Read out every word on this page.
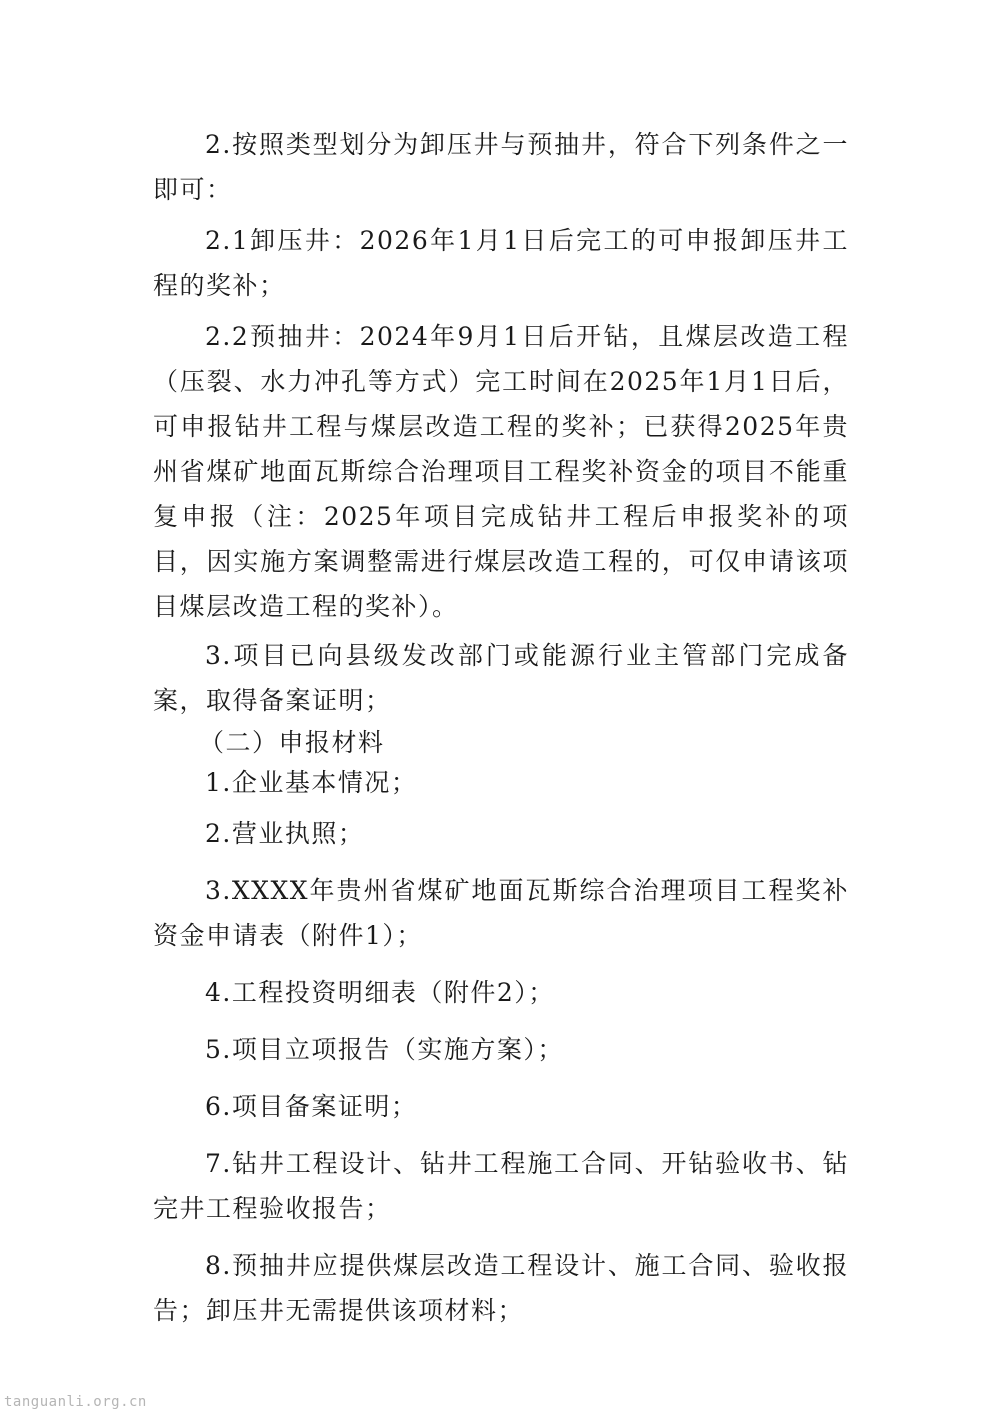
2.按照类型划分为卸压井与预抽井，符合下列条件之一即可：

2.1卸压井：2026年1月1日后完工的可申报卸压井工程的奖补；

2.2预抽井：2024年9月1日后开钻，且煤层改造工程（压裂、水力冲孔等方式）完工时间在2025年1月1日后，可申报钻井工程与煤层改造工程的奖补；已获得2025年贵州省煤矿地面瓦斯综合治理项目工程奖补资金的项目不能重复申报（注：2025年项目完成钻井工程后申报奖补的项目，因实施方案调整需进行煤层改造工程的，可仅申请该项目煤层改造工程的奖补）。

3.项目已向县级发改部门或能源行业主管部门完成备案，取得备案证明；

（二）申报材料

1.企业基本情况；

2.营业执照；

3.XXXX年贵州省煤矿地面瓦斯综合治理项目工程奖补资金申请表（附件1）；

4.工程投资明细表（附件2）；

5.项目立项报告（实施方案）；

6.项目备案证明；

7.钻井工程设计、钻井工程施工合同、开钻验收书、钻完井工程验收报告；

8.预抽井应提供煤层改造工程设计、施工合同、验收报告；卸压井无需提供该项材料；

tanguanli.org.cn
